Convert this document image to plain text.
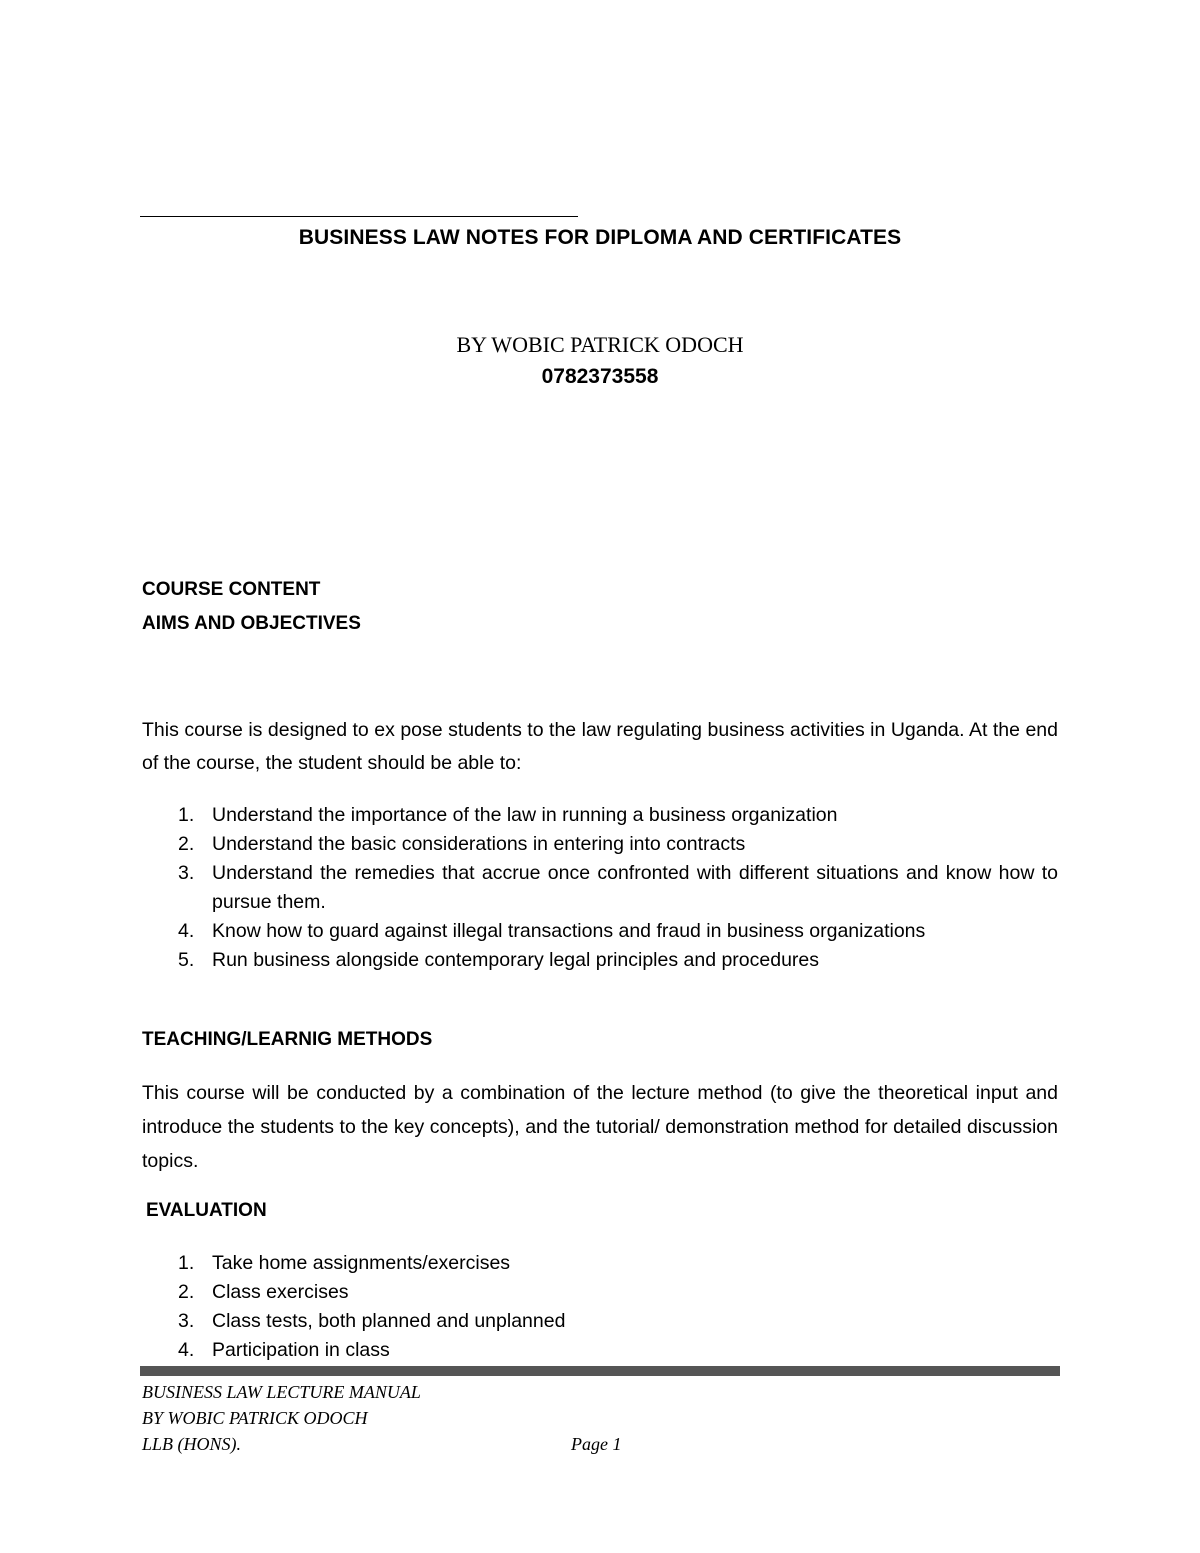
BUSINESS LAW NOTES FOR DIPLOMA AND CERTIFICATES
BY WOBIC PATRICK ODOCH
0782373558
COURSE CONTENT
AIMS AND OBJECTIVES
This course is designed to ex pose students to the law regulating business activities in Uganda. At the end of the course, the student should be able to:
1. Understand the importance of the law in running a business organization
2. Understand the basic considerations in entering into contracts
3. Understand the remedies that accrue once confronted with different situations and know how to pursue them.
4. Know how to guard against illegal transactions and fraud in business organizations
5. Run business alongside contemporary legal principles and procedures
TEACHING/LEARNIG METHODS
This course will be conducted by a combination of the lecture method (to give the theoretical input and introduce the students to the key concepts), and the tutorial/ demonstration method for detailed discussion topics.
EVALUATION
1. Take home assignments/exercises
2. Class exercises
3. Class tests, both planned and unplanned
4. Participation in class
BUSINESS LAW LECTURE MANUAL
BY WOBIC PATRICK ODOCH
LLB (HONS).	Page 1
